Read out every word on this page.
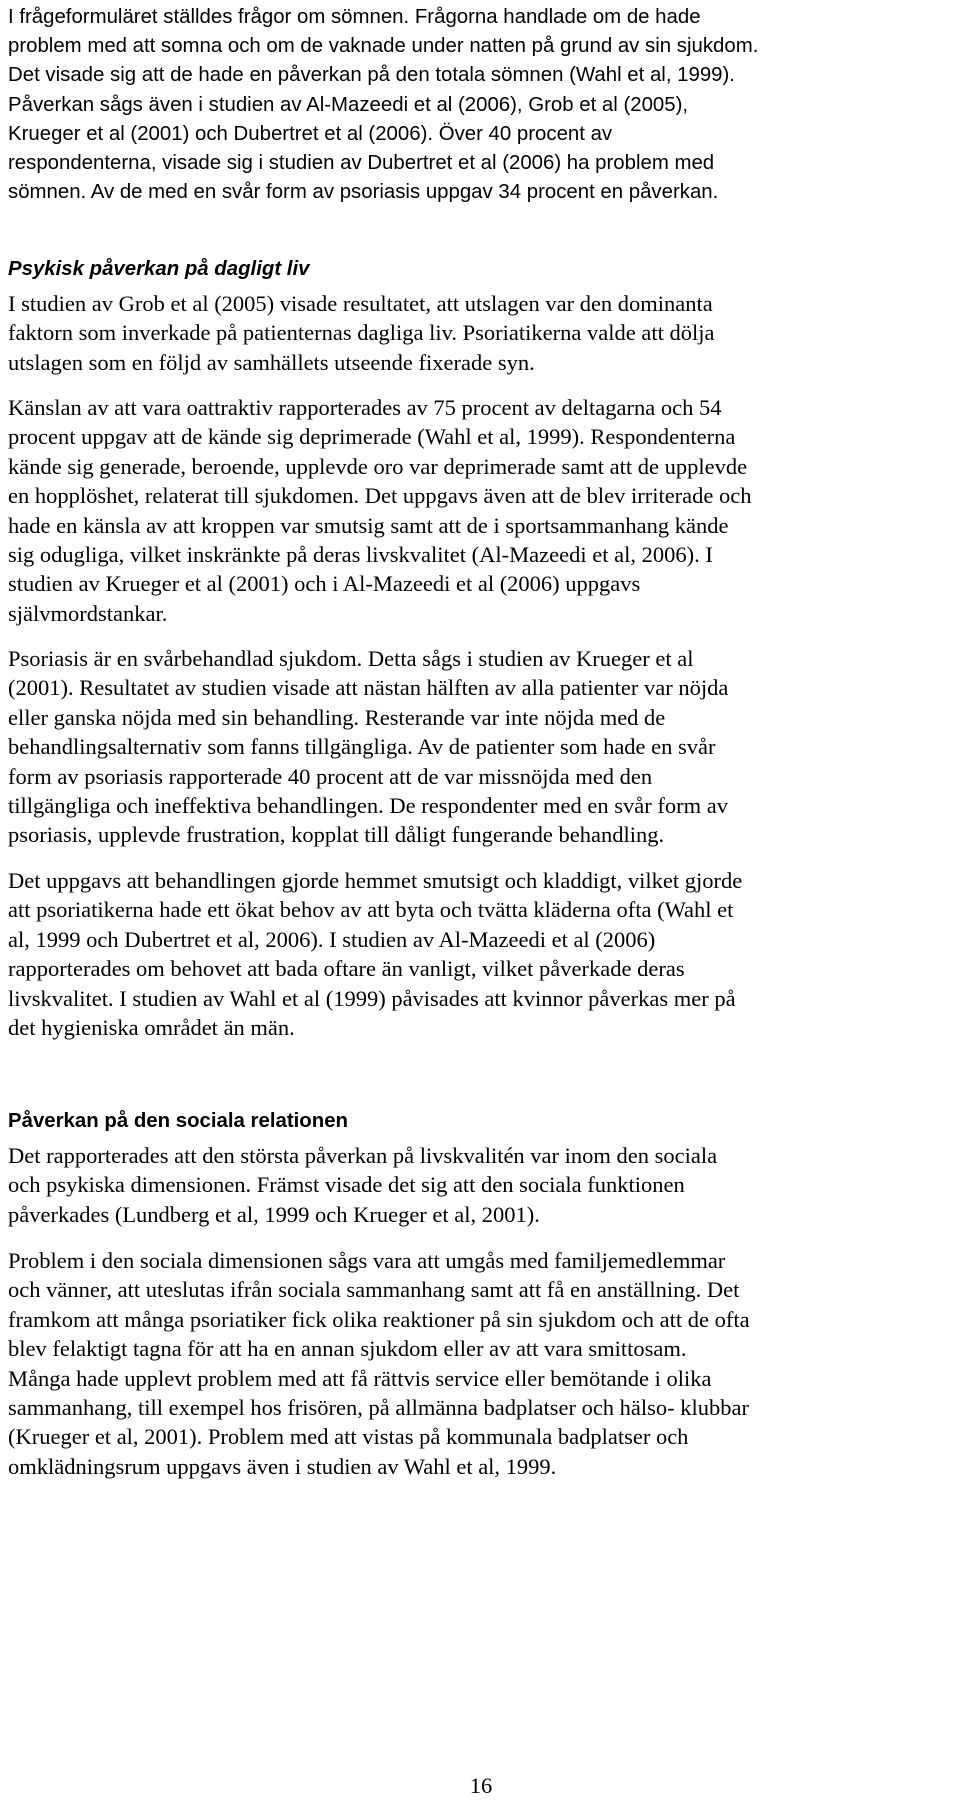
I frågeformuläret ställdes frågor om sömnen. Frågorna handlade om de hade
problem med att somna och om de vaknade under natten på grund av sin sjukdom.
Det visade sig att de hade en påverkan på den totala sömnen (Wahl et al, 1999).
Påverkan sågs även i studien av Al-Mazeedi et al (2006), Grob et al (2005),
Krueger et al (2001) och Dubertret et al (2006). Över 40 procent av
respondenterna, visade sig i studien av Dubertret et al (2006) ha problem med
sömnen. Av de med en svår form av psoriasis uppgav 34 procent en påverkan.

Psykisk påverkan på dagligt liv

I studien av Grob et al (2005) visade resultatet, att utslagen var den dominanta
faktorn som inverkade på patienternas dagliga liv. Psoriatikerna valde att dölja
utslagen som en följd av samhällets utseende fixerade syn.

Känslan av att vara oattraktiv rapporterades av 75 procent av deltagarna och 54
procent uppgav att de kände sig deprimerade (Wahl et al, 1999). Respondenterna
kände sig generade, beroende, upplevde oro var deprimerade samt att de upplevde
en hopplöshet, relaterat till sjukdomen. Det uppgavs även att de blev irriterade och
hade en känsla av att kroppen var smutsig samt att de i sportsammanhang kände
sig odugliga, vilket inskränkte på deras livskvalitet (Al-Mazeedi et al, 2006). I
studien av Krueger et al (2001) och i Al-Mazeedi et al (2006) uppgavs
självmordstankar.

Psoriasis är en svårbehandlad sjukdom. Detta sågs i studien av Krueger et al
(2001). Resultatet av studien visade att nästan hälften av alla patienter var nöjda
eller ganska nöjda med sin behandling. Resterande var inte nöjda med de
behandlingsalternativ som fanns tillgängliga. Av de patienter som hade en svår
form av psoriasis rapporterade 40 procent att de var missnöjda med den
tillgängliga och ineffektiva behandlingen. De respondenter med en svår form av
psoriasis, upplevde frustration, kopplat till dåligt fungerande behandling.

Det uppgavs att behandlingen gjorde hemmet smutsigt och kladdigt, vilket gjorde
att psoriatikerna hade ett ökat behov av att byta och tvätta kläderna ofta (Wahl et
al, 1999 och Dubertret et al, 2006). I studien av Al-Mazeedi et al (2006)
rapporterades om behovet att bada oftare än vanligt, vilket påverkade deras
livskvalitet. I studien av Wahl et al (1999) påvisades att kvinnor påverkas mer på
det hygieniska området än män.

Påverkan på den sociala relationen

Det rapporterades att den största påverkan på livskvalitén var inom den sociala
och psykiska dimensionen. Främst visade det sig att den sociala funktionen
påverkades (Lundberg et al, 1999 och Krueger et al, 2001).

Problem i den sociala dimensionen sågs vara att umgås med familjemedlemmar
och vänner, att uteslutas ifrån sociala sammanhang samt att få en anställning. Det
framkom att många psoriatiker fick olika reaktioner på sin sjukdom och att de ofta
blev felaktigt tagna för att ha en annan sjukdom eller av att vara smittosam.
Många hade upplevt problem med att få rättvis service eller bemötande i olika
sammanhang, till exempel hos frisören, på allmänna badplatser och hälso- klubbar
(Krueger et al, 2001). Problem med att vistas på kommunala badplatser och
omklädningsrum uppgavs även i studien av Wahl et al, 1999.

16
